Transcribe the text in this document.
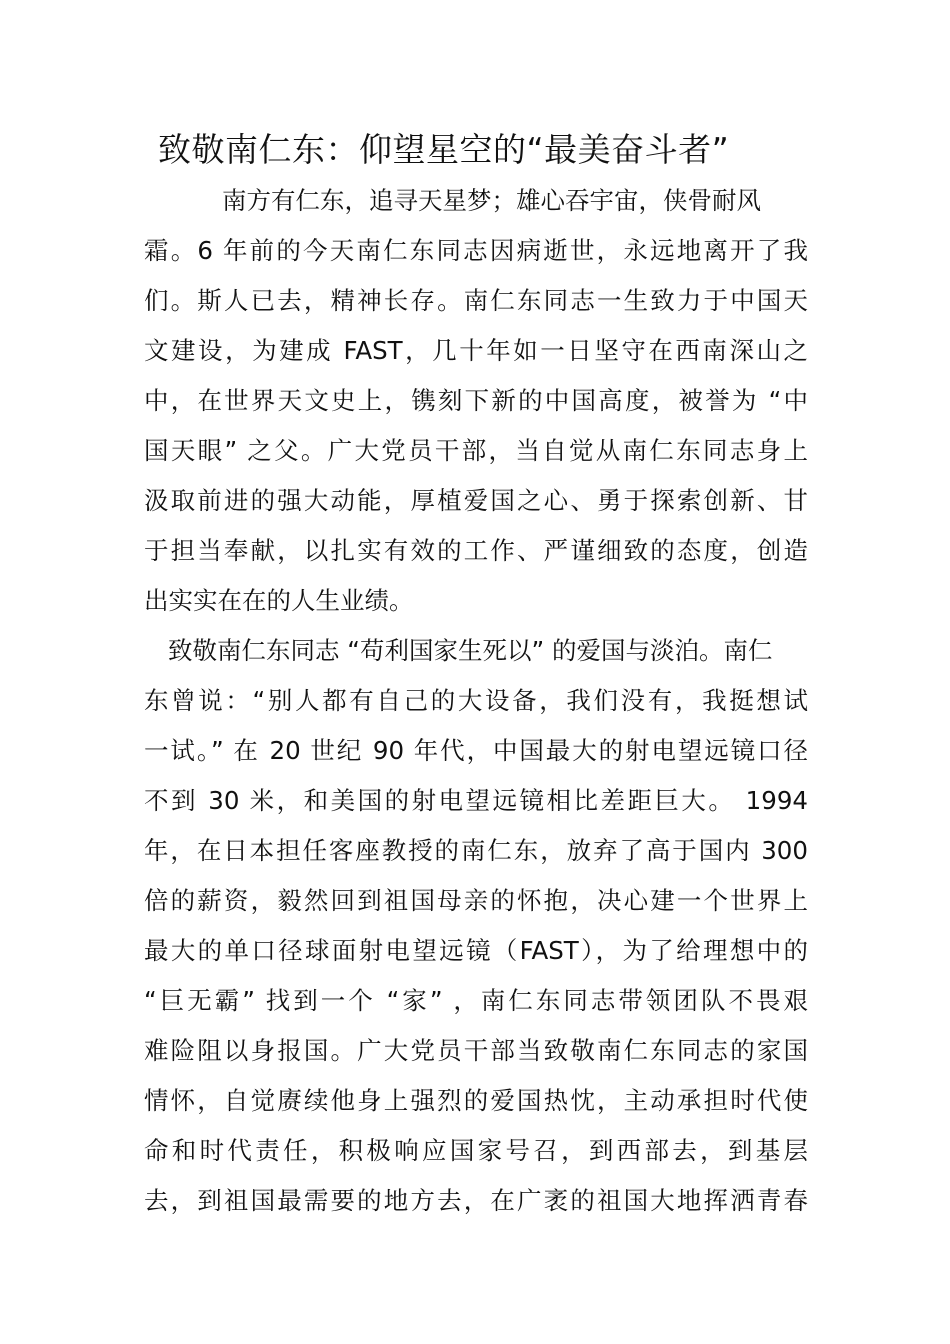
致敬南仁东：仰望星空的“最美奋斗者”
南方有仁东，追寻天星梦；雄心吞宇宙，侠骨耐风
霜。6 年前的今天南仁东同志因病逝世，永远地离开了我
们。斯人已去，精神长存。南仁东同志一生致力于中国天
文建设，为建成 FAST，几十年如一日坚守在西南深山之
中，在世界天文史上，镌刻下新的中国高度，被誉为 “中
国天眼” 之父。广大党员干部，当自觉从南仁东同志身上
汲取前进的强大动能，厚植爱国之心、勇于探索创新、甘
于担当奉献，以扎实有效的工作、严谨细致的态度，创造
出实实在在的人生业绩。
致敬南仁东同志 “苟利国家生死以” 的爱国与淡泊。南仁
东曾说：“别人都有自己的大设备，我们没有，我挺想试
一试。” 在 20 世纪 90 年代，中国最大的射电望远镜口径
不到 30 米，和美国的射电望远镜相比差距巨大。 1994
年，在日本担任客座教授的南仁东，放弃了高于国内 300
倍的薪资，毅然回到祖国母亲的怀抱，决心建一个世界上
最大的单口径球面射电望远镜（FAST），为了给理想中的
“巨无霸” 找到一个 “家” ，南仁东同志带领团队不畏艰
难险阻以身报国。广大党员干部当致敬南仁东同志的家国
情怀，自觉赓续他身上强烈的爱国热忱，主动承担时代使
命和时代责任，积极响应国家号召，到西部去，到基层
去，到祖国最需要的地方去，在广袤的祖国大地挥洒青春
